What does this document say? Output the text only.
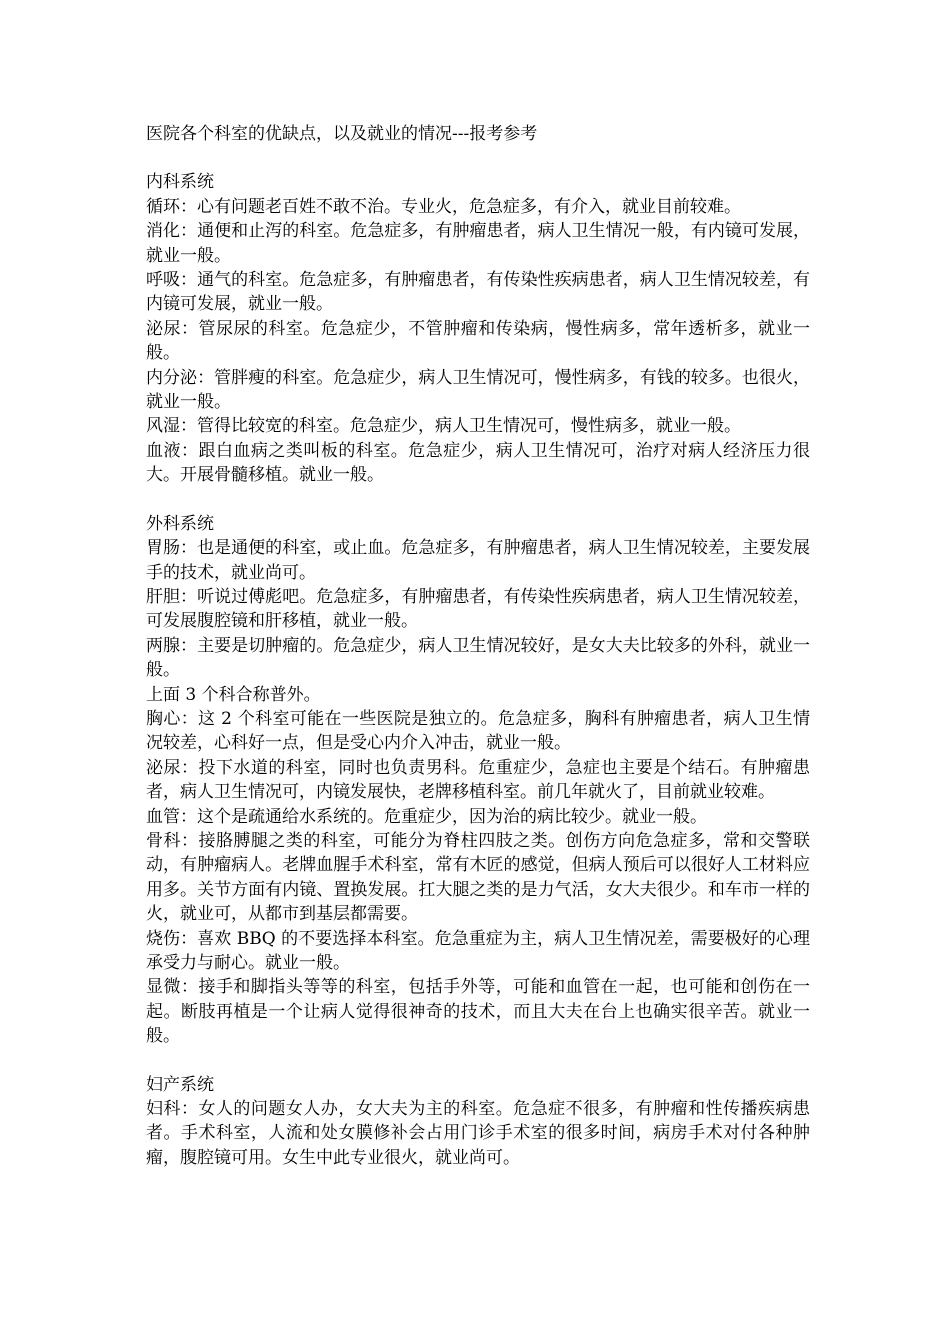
医院各个科室的优缺点，以及就业的情况---报考参考

内科系统

循环：心有问题老百姓不敢不治。专业火，危急症多，有介入，就业目前较难。

消化：通便和止泻的科室。危急症多，有肿瘤患者，病人卫生情况一般，有内镜可发展，就业一般。

呼吸：通气的科室。危急症多，有肿瘤患者，有传染性疾病患者，病人卫生情况较差，有内镜可发展，就业一般。

泌尿：管尿尿的科室。危急症少，不管肿瘤和传染病，慢性病多，常年透析多，就业一般。

内分泌：管胖瘦的科室。危急症少，病人卫生情况可，慢性病多，有钱的较多。也很火，就业一般。

风湿：管得比较宽的科室。危急症少，病人卫生情况可，慢性病多，就业一般。

血液：跟白血病之类叫板的科室。危急症少，病人卫生情况可，治疗对病人经济压力很大。开展骨髓移植。就业一般。

外科系统

胃肠：也是通便的科室，或止血。危急症多，有肿瘤患者，病人卫生情况较差，主要发展手的技术，就业尚可。

肝胆：听说过傅彪吧。危急症多，有肿瘤患者，有传染性疾病患者，病人卫生情况较差，可发展腹腔镜和肝移植，就业一般。

两腺：主要是切肿瘤的。危急症少，病人卫生情况较好，是女大夫比较多的外科，就业一般。

上面 3 个科合称普外。

胸心：这 2 个科室可能在一些医院是独立的。危急症多，胸科有肿瘤患者，病人卫生情况较差，心科好一点，但是受心内介入冲击，就业一般。

泌尿：投下水道的科室，同时也负责男科。危重症少，急症也主要是个结石。有肿瘤患者，病人卫生情况可，内镜发展快，老牌移植科室。前几年就火了，目前就业较难。

血管：这个是疏通给水系统的。危重症少，因为治的病比较少。就业一般。

骨科：接胳膊腿之类的科室，可能分为脊柱四肢之类。创伤方向危急症多，常和交警联动，有肿瘤病人。老牌血腥手术科室，常有木匠的感觉，但病人预后可以很好人工材料应用多。关节方面有内镜、置换发展。扛大腿之类的是力气活，女大夫很少。和车市一样的火，就业可，从都市到基层都需要。

烧伤：喜欢 BBQ 的不要选择本科室。危急重症为主，病人卫生情况差，需要极好的心理承受力与耐心。就业一般。

显微：接手和脚指头等等的科室，包括手外等，可能和血管在一起，也可能和创伤在一起。断肢再植是一个让病人觉得很神奇的技术，而且大夫在台上也确实很辛苦。就业一般。

妇产系统

妇科：女人的问题女人办，女大夫为主的科室。危急症不很多，有肿瘤和性传播疾病患者。手术科室，人流和处女膜修补会占用门诊手术室的很多时间，病房手术对付各种肿瘤，腹腔镜可用。女生中此专业很火，就业尚可。
